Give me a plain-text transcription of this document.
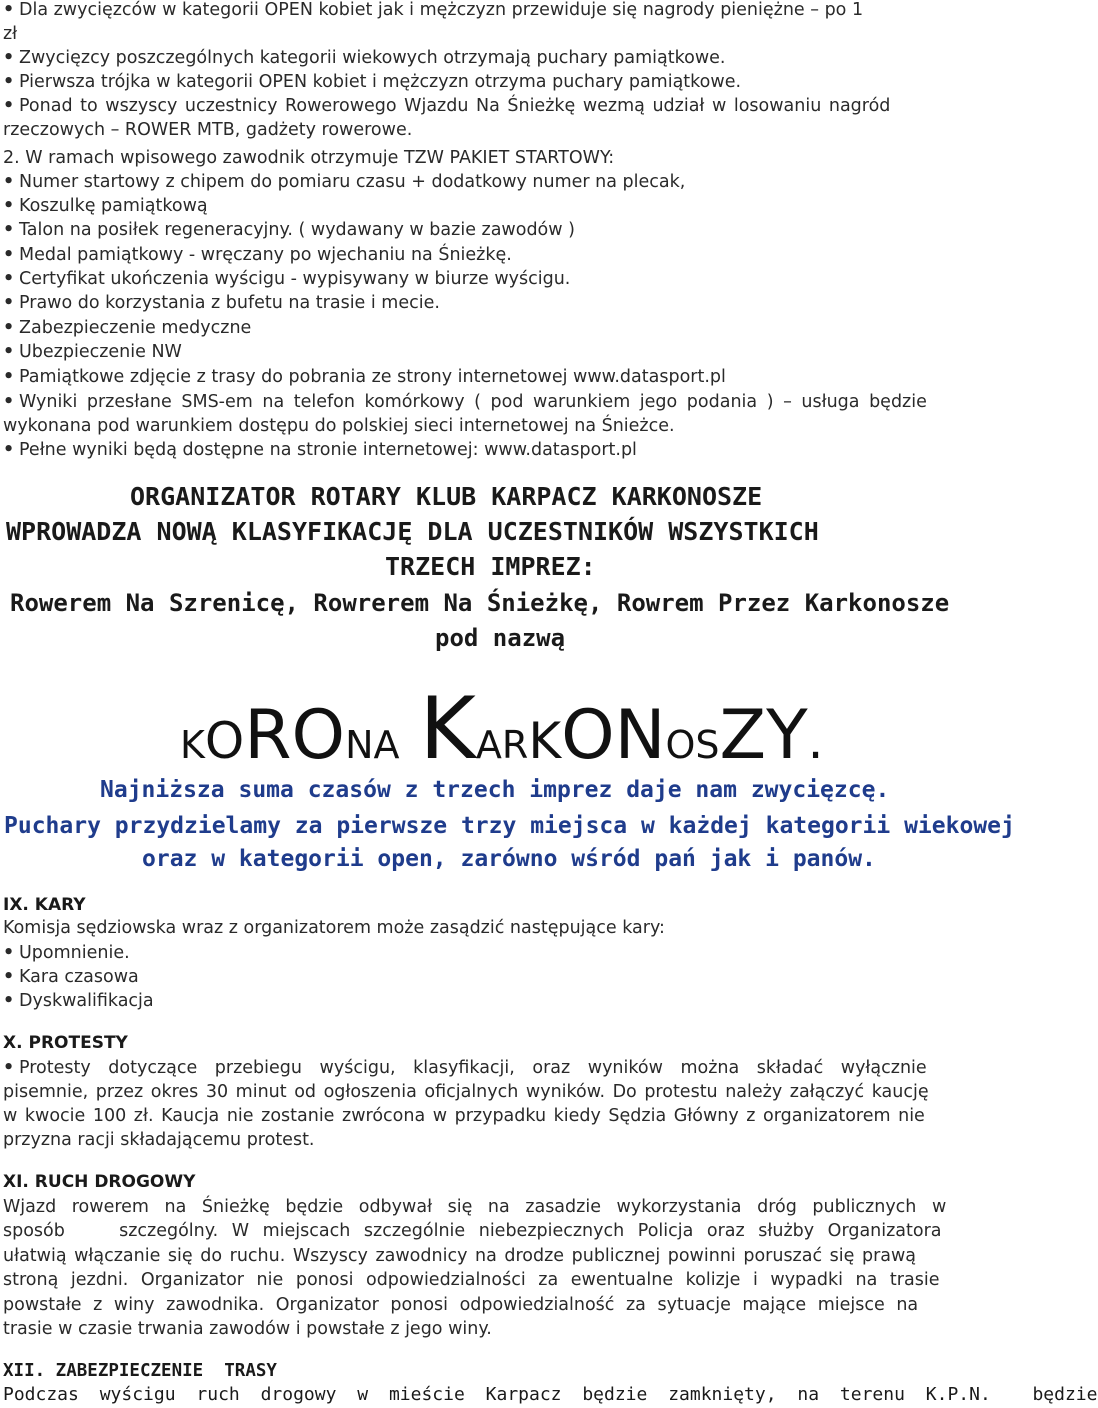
• Dla zwycięzców w kategorii OPEN kobiet jak i mężczyzn przewiduje się nagrody pieniężne – po 1
zł
• Zwycięzcy poszczególnych kategorii wiekowych otrzymają puchary pamiątkowe.
• Pierwsza trójka w kategorii OPEN kobiet i mężczyzn otrzyma puchary pamiątkowe.
• Ponad to wszyscy uczestnicy Rowerowego Wjazdu Na Śnieżkę wezmą udział w losowaniu nagród
rzeczowych – ROWER MTB, gadżety rowerowe.
2. W ramach wpisowego zawodnik otrzymuje TZW PAKIET STARTOWY:
• Numer startowy z chipem do pomiaru czasu + dodatkowy numer na plecak,
• Koszulkę pamiątkową
• Talon na posiłek regeneracyjny. ( wydawany w bazie zawodów )
• Medal pamiątkowy - wręczany po wjechaniu na Śnieżkę.
• Certyfikat ukończenia wyścigu - wypisywany w biurze wyścigu.
• Prawo do korzystania z bufetu na trasie i mecie.
• Zabezpieczenie medyczne
• Ubezpieczenie NW
• Pamiątkowe zdjęcie z trasy do pobrania ze strony internetowej www.datasport.pl
• Wyniki przesłane SMS-em na telefon komórkowy ( pod warunkiem jego podania ) – usługa będzie
wykonana pod warunkiem dostępu do polskiej sieci internetowej na Śnieżce.
• Pełne wyniki będą dostępne na stronie internetowej: www.datasport.pl
ORGANIZATOR ROTARY KLUB KARPACZ KARKONOSZE
WPROWADZA NOWĄ KLASYFIKACJĘ DLA UCZESTNIKÓW WSZYSTKICH
TRZECH IMPREZ:
Rowerem Na Szrenicę, Rowrerem Na Śnieżkę, Rowrem Przez Karkonosze
pod nazwą
KORONA KARKONOSZY.
Najniższa suma czasów z trzech imprez daje nam zwycięzcę.
Puchary przydzielamy za pierwsze trzy miejsca w każdej kategorii wiekowej
oraz w kategorii open, zarówno wśród pań jak i panów.
IX. KARY
Komisja sędziowska wraz z organizatorem może zasądzić następujące kary:
• Upomnienie.
• Kara czasowa
• Dyskwalifikacja
X. PROTESTY
• Protesty dotyczące przebiegu wyścigu, klasyfikacji, oraz wyników można składać wyłącznie
pisemnie, przez okres 30 minut od ogłoszenia oficjalnych wyników. Do protestu należy załączyć kaucję
w kwocie 100 zł. Kaucja nie zostanie zwrócona w przypadku kiedy Sędzia Główny z organizatorem nie
przyzna racji składającemu protest.
XI. RUCH DROGOWY
Wjazd rowerem na Śnieżkę będzie odbywał się na zasadzie wykorzystania dróg publicznych w
sposób    szczególny. W miejscach szczególnie niebezpiecznych Policja oraz służby Organizatora
ułatwią włączanie się do ruchu. Wszyscy zawodnicy na drodze publicznej powinni poruszać się prawą
stroną jezdni. Organizator nie ponosi odpowiedzialności za ewentualne kolizje i wypadki na trasie
powstałe z winy zawodnika. Organizator ponosi odpowiedzialność za sytuacje mające miejsce na
trasie w czasie trwania zawodów i powstałe z jego winy.
XII. ZABEZPIECZENIE  TRASY
Podczas wyścigu ruch drogowy w mieście Karpacz będzie zamknięty, na terenu K.P.N.  będzie
